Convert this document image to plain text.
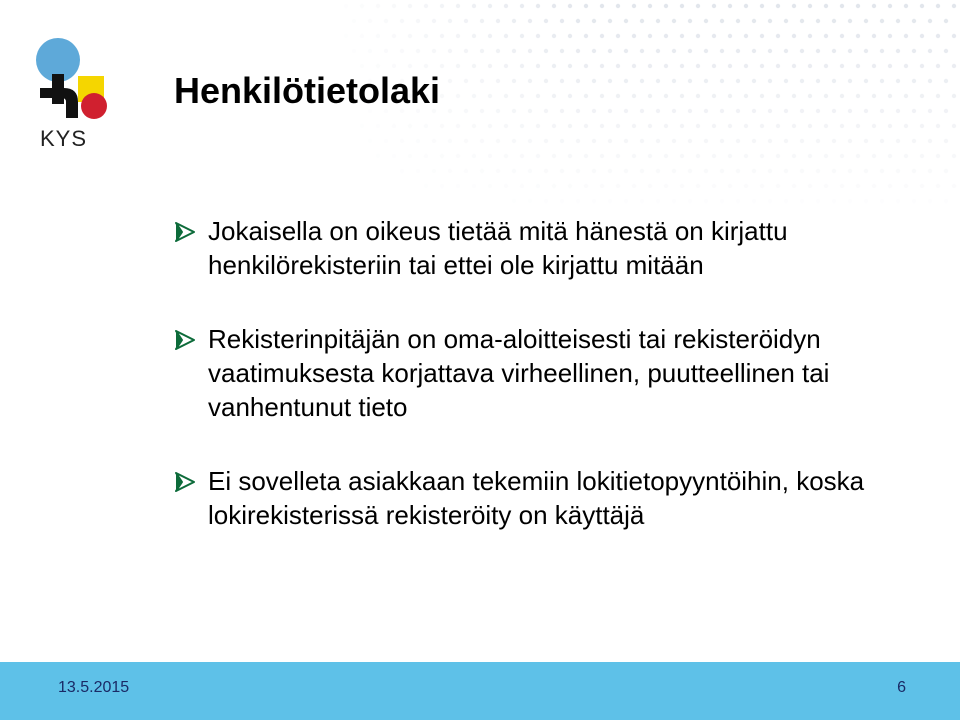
KYS
Henkilötietolaki
Jokaisella on oikeus tietää mitä hänestä on kirjattu henkilörekisteriin tai ettei ole kirjattu mitään
Rekisterinpitäjän on oma-aloitteisesti tai rekisteröidyn vaatimuksesta korjattava virheellinen, puutteellinen tai vanhentunut tieto
Ei sovelleta asiakkaan tekemiin lokitietopyyntöihin, koska lokirekisterissä rekisteröity on käyttäjä
13.5.2015	6
